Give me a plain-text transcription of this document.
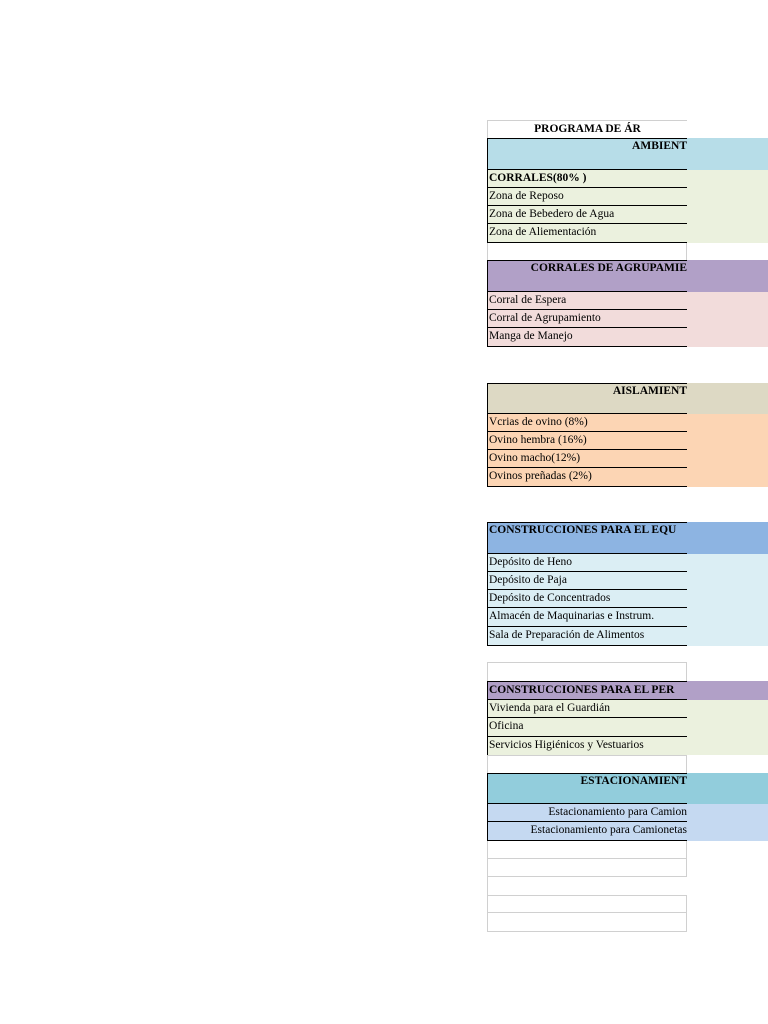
PROGRAMA DE ÁR
AMBIENT
CORRALES(80% )
Zona de Reposo
Zona de Bebedero de Agua
Zona de Aliementación
CORRALES DE AGRUPAMIE
Corral de Espera
Corral de Agrupamiento
Manga de Manejo
AISLAMIENT
Vcrias de ovino (8%)
Ovino hembra (16%)
Ovino macho(12%)
Ovinos preñadas (2%)
CONSTRUCCIONES PARA EL EQU
Depósito de Heno
Depósito de Paja
Depósito de Concentrados
Almacén de Maquinarias e Instrum.
Sala de Preparación de Alimentos
CONSTRUCCIONES PARA EL PER
Vivienda para el Guardián
Oficina
Servicios Higiénicos y Vestuarios
ESTACIONAMIENT
Estacionamiento para Camion
Estacionamiento para Camionetas
